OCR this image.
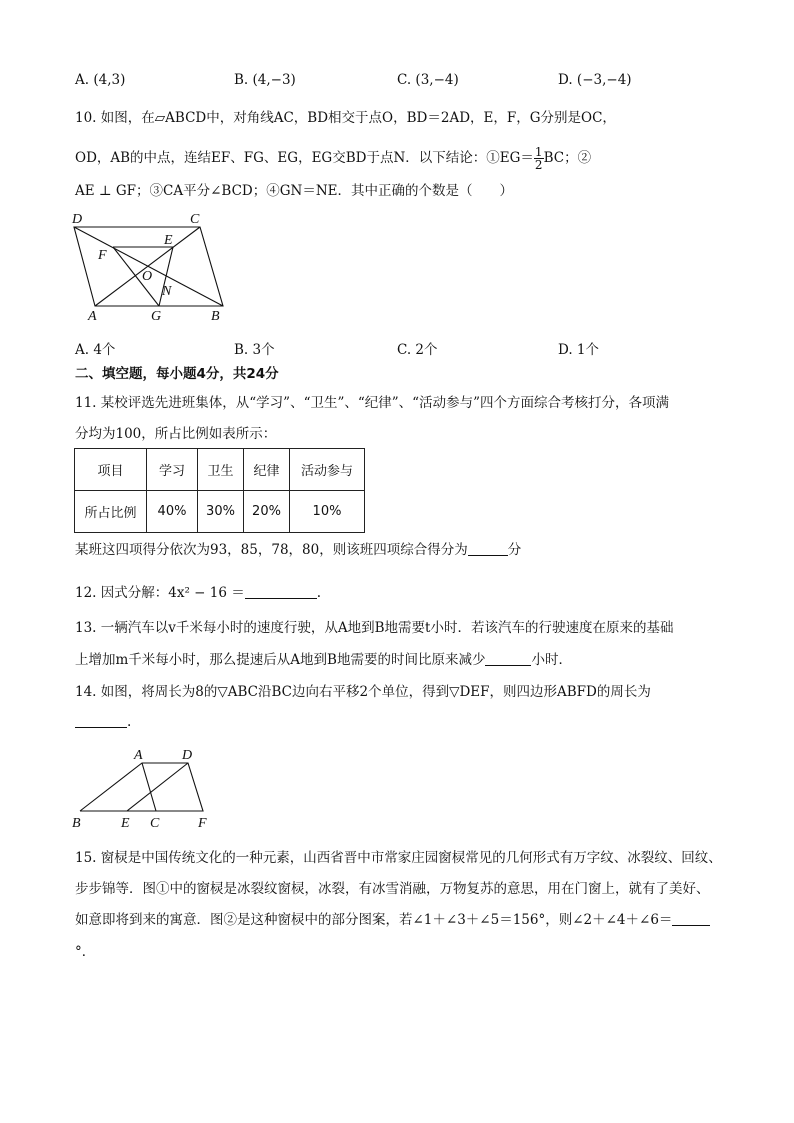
A. (4,3)	B. (4,−3)	C. (3,−4)	D. (−3,−4)
10. 如图，在▱ABCD中，对角线AC，BD相交于点O，BD＝2AD，E，F，G分别是OC，
OD，AB的中点，连结EF、FG、EG，EG交BD于点N．以下结论：①EG＝ $\frac{1}{2}$ BC；②
AE ⊥ GF；③CA平分∠BCD；④GN＝NE．其中正确的个数是（　　）
D	C
E
F
O
N
A	G	B
A. 4个	B. 3个	C. 2个	D. 1个
二、填空题，每小题4分，共24分
11. 某校评选先进班集体，从“学习”、“卫生”、“纪律”、“活动参与”四个方面综合考核打分，各项满
分均为100，所占比例如表所示：
项目	学习	卫生	纪律	活动参与
所占比例	40%	30%	20%	10%
某班这四项得分依次为93，85，78，80，则该班四项综合得分为	分
12. 因式分解：4x² − 16 ＝	.
13. 一辆汽车以v千米每小时的速度行驶，从A地到B地需要t小时．若该汽车的行驶速度在原来的基础
上增加m千米每小时，那么提速后从A地到B地需要的时间比原来减少	小时．
14. 如图，将周长为8的▽ABC沿BC边向右平移2个单位，得到▽DEF，则四边形ABFD的周长为
.
A	D
B	E C	F
15. 窗棂是中国传统文化的一种元素，山西省晋中市常家庄园窗棂常见的几何形式有万字纹、冰裂纹、回纹、
步步锦等．图①中的窗棂是冰裂纹窗棂，冰裂，有冰雪消融，万物复苏的意思，用在门窗上，就有了美好、
如意即将到来的寓意．图②是这种窗棂中的部分图案，若∠1＋∠3＋∠5＝156°，则∠2＋∠4＋∠6＝
°．
